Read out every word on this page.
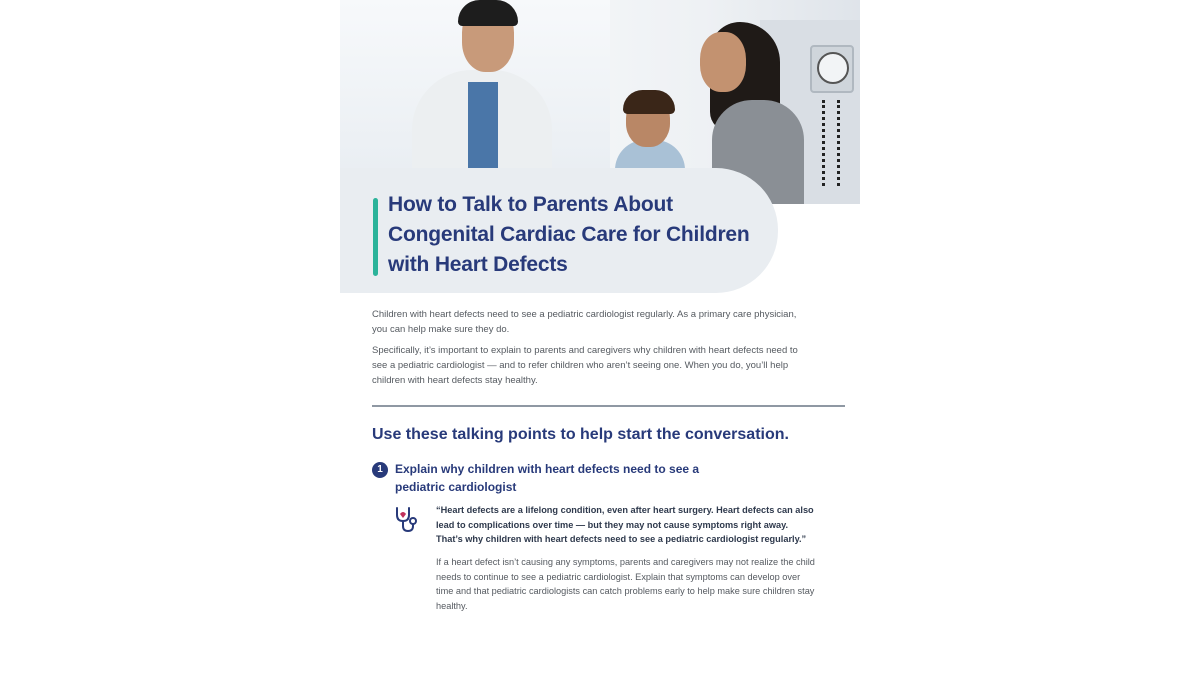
How to Talk to Parents About Congenital Cardiac Care for Children with Heart Defects

Children with heart defects need to see a pediatric cardiologist regularly. As a primary care physician, you can help make sure they do.

Specifically, it’s important to explain to parents and caregivers why children with heart defects need to see a pediatric cardiologist — and to refer children who aren’t seeing one. When you do, you’ll help children with heart defects stay healthy.

Use these talking points to help start the conversation.
1	Explain why children with heart defects need to see a pediatric cardiologist

“Heart defects are a lifelong condition, even after heart surgery. Heart defects can also lead to complications over time — but they may not cause symptoms right away. That’s why children with heart defects need to see a pediatric cardiologist regularly.”

If a heart defect isn’t causing any symptoms, parents and caregivers may not realize the child needs to continue to see a pediatric cardiologist. Explain that symptoms can develop over time and that pediatric cardiologists can catch problems early to help make sure children stay healthy.
